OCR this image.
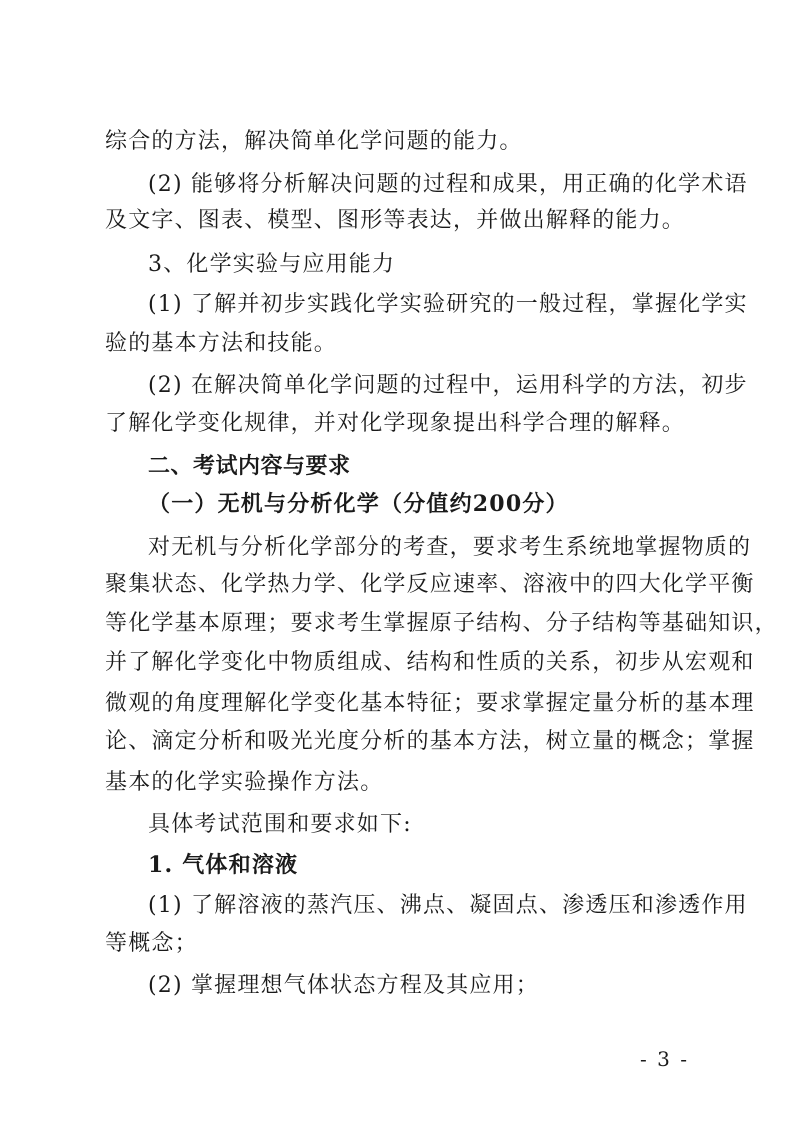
综合的方法，解决简单化学问题的能力。
(2) 能够将分析解决问题的过程和成果，用正确的化学术语
及文字、图表、模型、图形等表达，并做出解释的能力。
3、化学实验与应用能力
(1) 了解并初步实践化学实验研究的一般过程，掌握化学实
验的基本方法和技能。
(2) 在解决简单化学问题的过程中，运用科学的方法，初步
了解化学变化规律，并对化学现象提出科学合理的解释。
二、考试内容与要求
（一）无机与分析化学（分值约200分）
对无机与分析化学部分的考查，要求考生系统地掌握物质的
聚集状态、化学热力学、化学反应速率、溶液中的四大化学平衡
等化学基本原理；要求考生掌握原子结构、分子结构等基础知识，
并了解化学变化中物质组成、结构和性质的关系，初步从宏观和
微观的角度理解化学变化基本特征；要求掌握定量分析的基本理
论、滴定分析和吸光光度分析的基本方法，树立量的概念；掌握
基本的化学实验操作方法。
具体考试范围和要求如下:
1. 气体和溶液
(1) 了解溶液的蒸汽压、沸点、凝固点、渗透压和渗透作用
等概念；
(2) 掌握理想气体状态方程及其应用；
- 3 -
